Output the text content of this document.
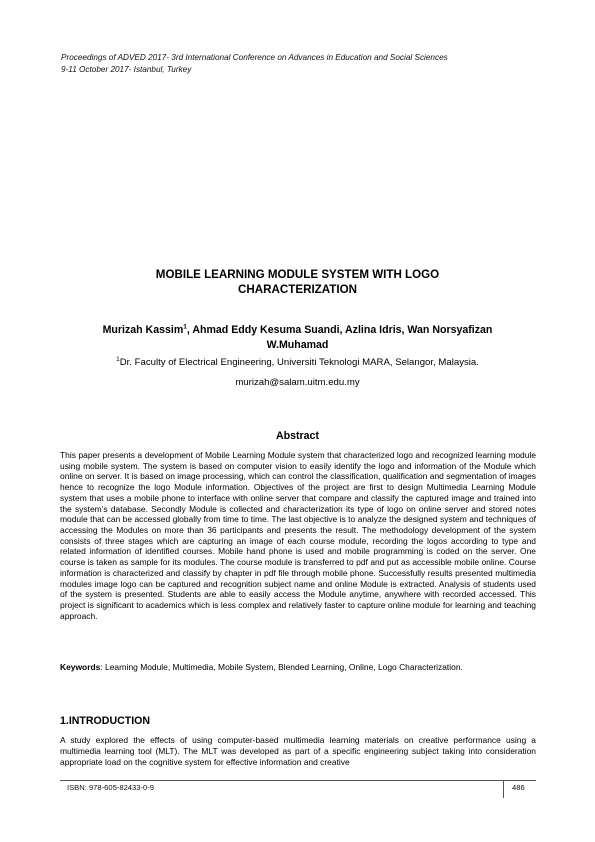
Proceedings of ADVED 2017- 3rd International Conference on Advances in Education and Social Sciences
9-11 October 2017- Istanbul, Turkey
MOBILE LEARNING MODULE SYSTEM WITH LOGO
CHARACTERIZATION
Murizah Kassim$^1$, Ahmad Eddy Kesuma Suandi, Azlina Idris, Wan Norsyafizan
W.Muhamad
$^1$Dr. Faculty of Electrical Engineering, Universiti Teknologi MARA, Selangor, Malaysia.
murizah@salam.uitm.edu.my
Abstract
This paper presents a development of Mobile Learning Module system that characterized logo and recognized learning module using mobile system. The system is based on computer vision to easily identify the logo and information of the Module which online on server. It is based on image processing, which can control the classification, qualification and segmentation of images hence to recognize the logo Module information. Objectives of the project are first to design Multimedia Learning Module system that uses a mobile phone to interface with online server that compare and classify the captured image and trained into the system’s database. Secondly Module is collected and characterization its type of logo on online server and stored notes module that can be accessed globally from time to time. The last objective is to analyze the designed system and techniques of accessing the Modules on more than 36 participants and presents the result. The methodology development of the system consists of three stages which are capturing an image of each course module, recording the logos according to type and related information of identified courses. Mobile hand phone is used and mobile programming is coded on the server. One course is taken as sample for its modules. The course module is transferred to pdf and put as accessible mobile online. Course information is characterized and classify by chapter in pdf file through mobile phone. Successfully results presented multimedia modules image logo can be captured and recognition subject name and online Module is extracted. Analysis of students used of the system is presented. Students are able to easily access the Module anytime, anywhere with recorded accessed. This project is significant to academics which is less complex and relatively faster to capture online module for learning and teaching approach.
Keywords: Learning Module, Multimedia, Mobile System, Blended Learning, Online, Logo Characterization.
1.INTRODUCTION
A study explored the effects of using computer-based multimedia learning materials on creative performance using a multimedia learning tool (MLT). The MLT was developed as part of a specific engineering subject taking into consideration appropriate load on the cognitive system for effective information and creative
ISBN: 978-605-82433-0-9	486
